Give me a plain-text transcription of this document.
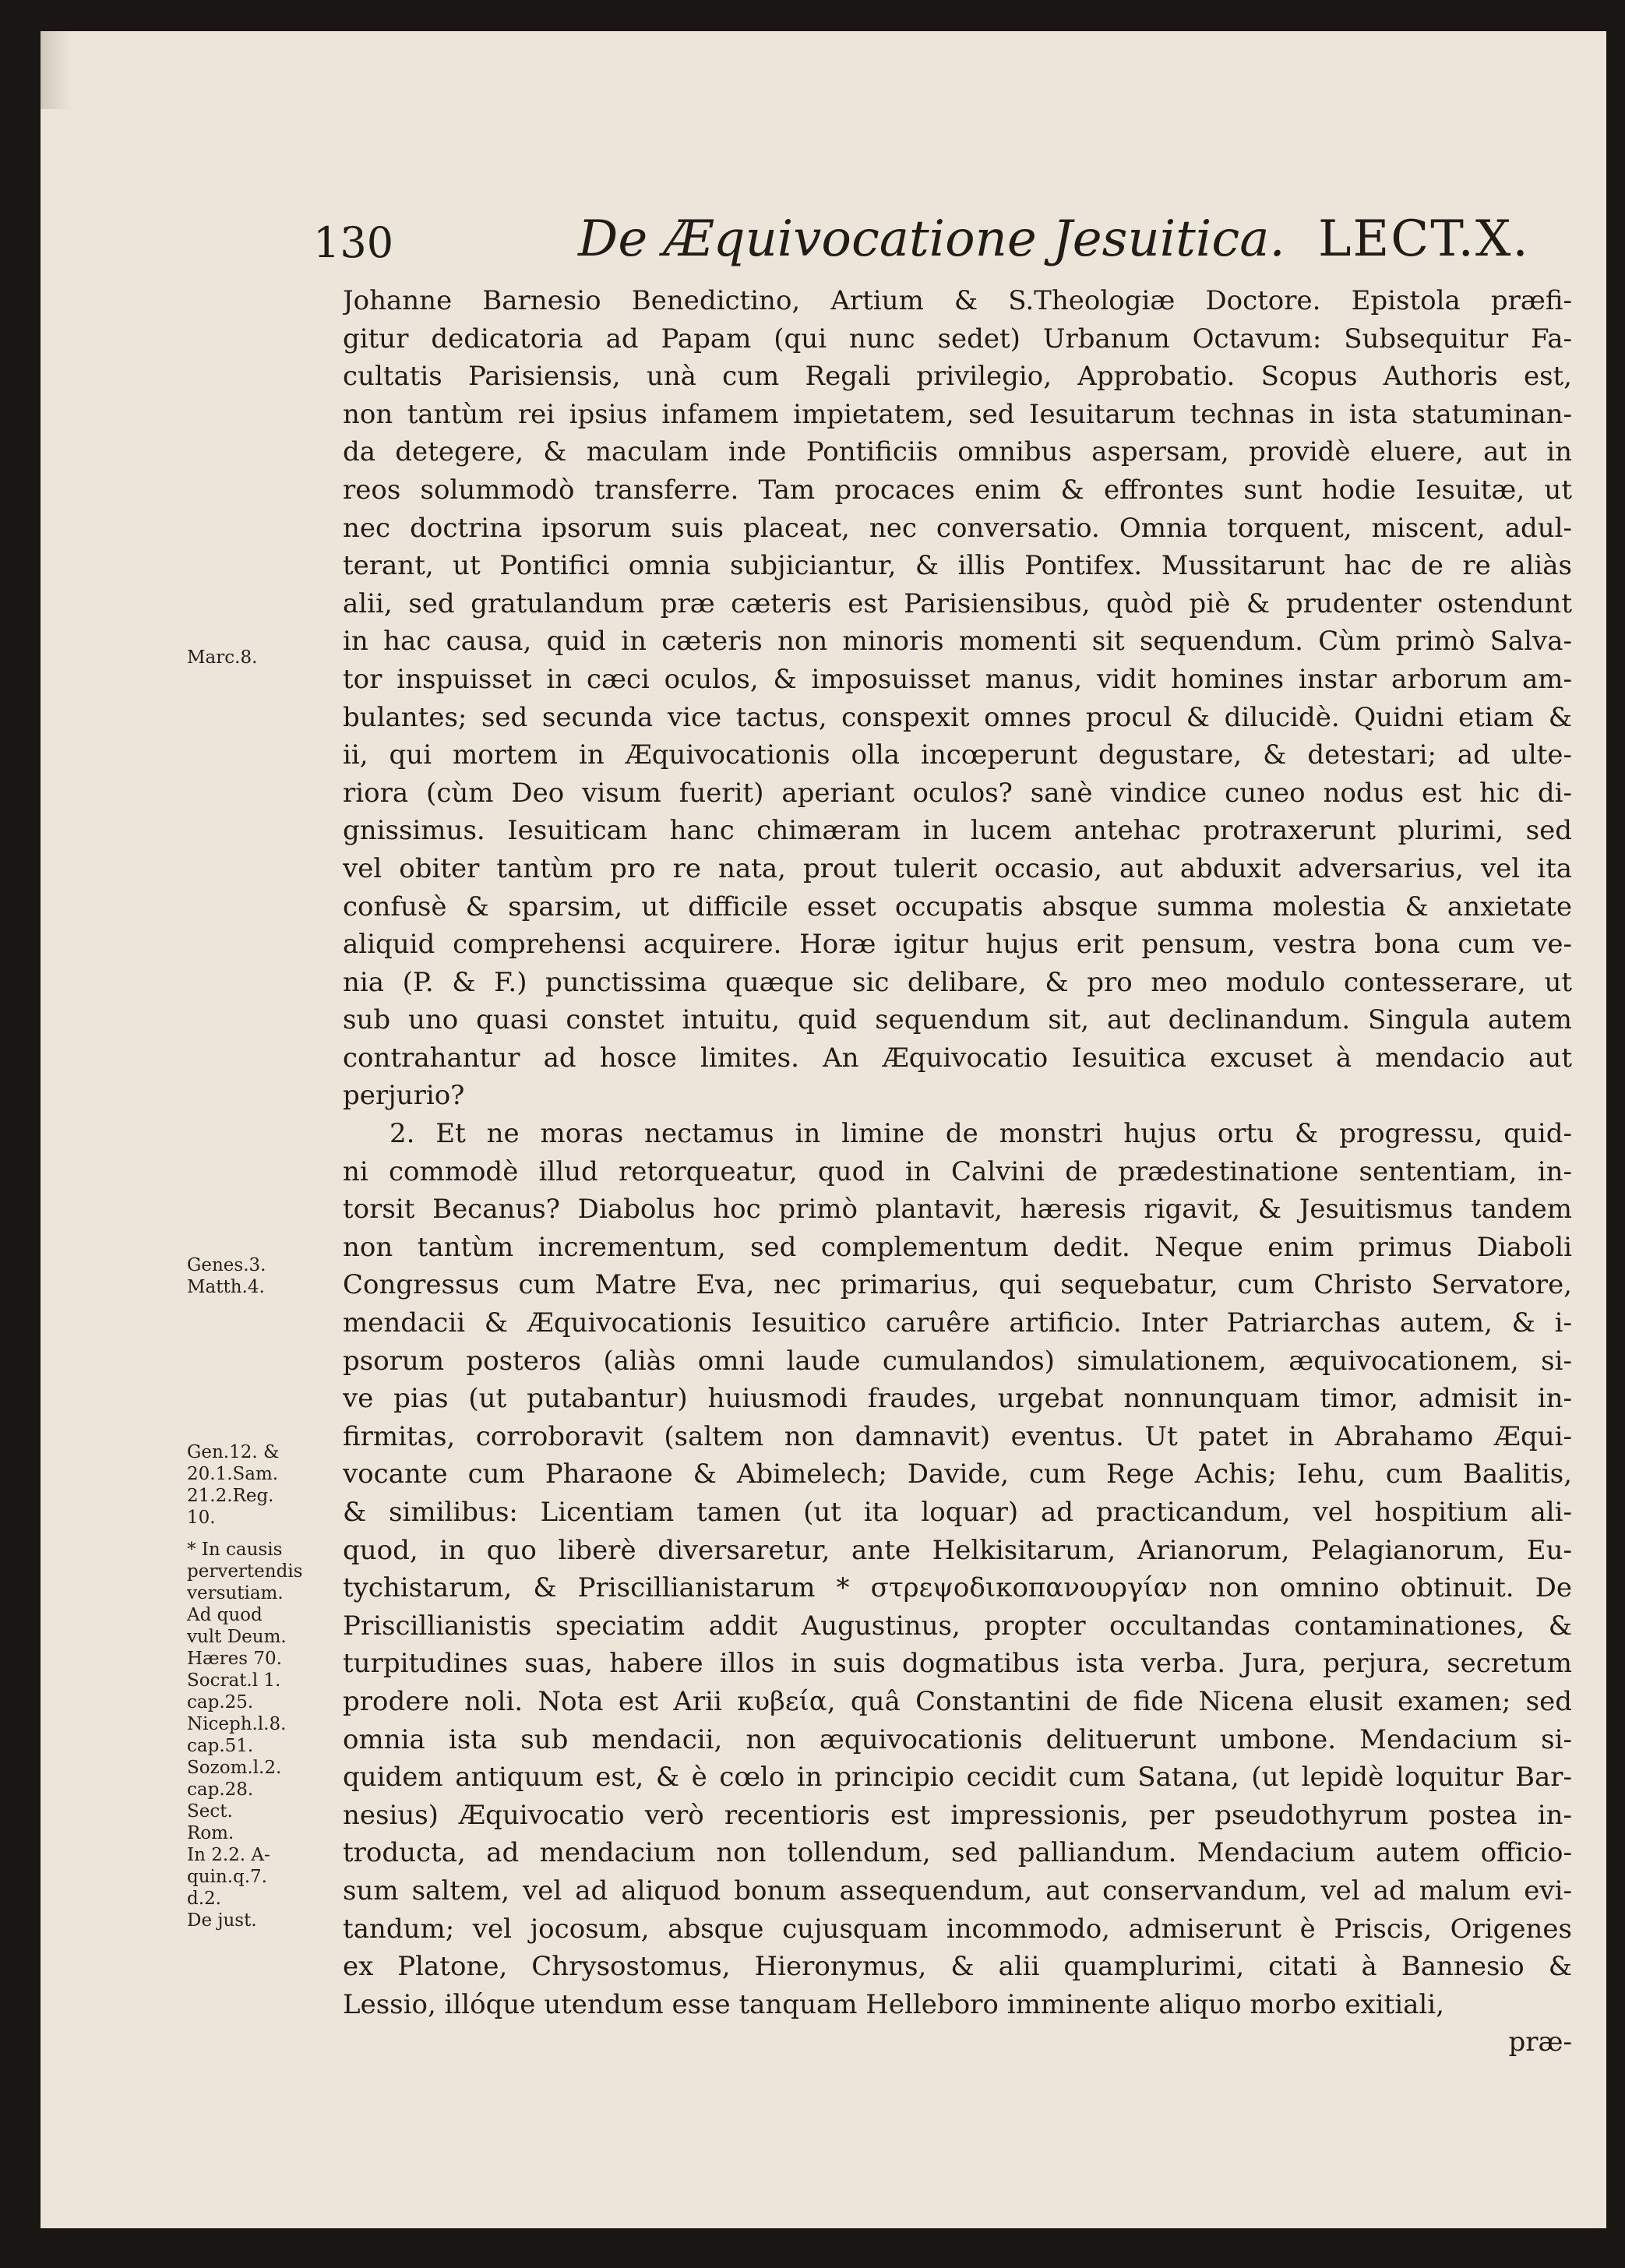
130	De Æquivocatione Jesuitica. LECT.X.
Johanne Barnesio Benedictino, Artium & S.Theologiæ Doctore. Epistola præfi-
gitur dedicatoria ad Papam (qui nunc sedet) Urbanum Octavum: Subsequitur Fa-
cultatis Parisiensis, unà cum Regali privilegio, Approbatio. Scopus Authoris est,
non tantùm rei ipsius infamem impietatem, sed Iesuitarum technas in ista statuminan-
da detegere, & maculam inde Pontificiis omnibus aspersam, providè eluere, aut in
reos solummodò transferre. Tam procaces enim & effrontes sunt hodie Iesuitæ, ut
nec doctrina ipsorum suis placeat, nec conversatio. Omnia torquent, miscent, adul-
terant, ut Pontifici omnia subjiciantur, & illis Pontifex. Mussitarunt hac de re aliàs
alii, sed gratulandum præ cæteris est Parisiensibus, quòd piè & prudenter ostendunt
in hac causa, quid in cæteris non minoris momenti sit sequendum. Cùm primò Salva-
tor inspuisset in cæci oculos, & imposuisset manus, vidit homines instar arborum am-
bulantes; sed secunda vice tactus, conspexit omnes procul & dilucidè. Quidni etiam &
ii, qui mortem in Æquivocationis olla incœperunt degustare, & detestari; ad ulte-
riora (cùm Deo visum fuerit) aperiant oculos? sanè vindice cuneo nodus est hic di-
gnissimus. Iesuiticam hanc chimæram in lucem antehac protraxerunt plurimi, sed
vel obiter tantùm pro re nata, prout tulerit occasio, aut abduxit adversarius, vel ita
confusè & sparsim, ut difficile esset occupatis absque summa molestia & anxietate
aliquid comprehensi acquirere. Horæ igitur hujus erit pensum, vestra bona cum ve-
nia (P. & F.) punctissima quæque sic delibare, & pro meo modulo contesserare, ut
sub uno quasi constet intuitu, quid sequendum sit, aut declinandum. Singula autem
contrahantur ad hosce limites. An Æquivocatio Iesuitica excuset à mendacio aut
perjurio?
2. Et ne moras nectamus in limine de monstri hujus ortu & progressu, quid-
ni commodè illud retorqueatur, quod in Calvini de prædestinatione sententiam, in-
torsit Becanus? Diabolus hoc primò plantavit, hæresis rigavit, & Jesuitismus tandem
non tantùm incrementum, sed complementum dedit. Neque enim primus Diaboli
Congressus cum Matre Eva, nec primarius, qui sequebatur, cum Christo Servatore,
mendacii & Æquivocationis Iesuitico caruêre artificio. Inter Patriarchas autem, & i-
psorum posteros (aliàs omni laude cumulandos) simulationem, æquivocationem, si-
ve pias (ut putabantur) huiusmodi fraudes, urgebat nonnunquam timor, admisit in-
firmitas, corroboravit (saltem non damnavit) eventus. Ut patet in Abrahamo Æqui-
vocante cum Pharaone & Abimelech; Davide, cum Rege Achis; Iehu, cum Baalitis,
& similibus: Licentiam tamen (ut ita loquar) ad practicandum, vel hospitium ali-
quod, in quo liberè diversaretur, ante Helkisitarum, Arianorum, Pelagianorum, Eu-
tychistarum, & Priscillianistarum * στρεψοδικοπανουργίαν non omnino obtinuit. De
Priscillianistis speciatim addit Augustinus, propter occultandas contaminationes, &
turpitudines suas, habere illos in suis dogmatibus ista verba. Jura, perjura, secretum
prodere noli. Nota est Arii κυβεία, quâ Constantini de fide Nicena elusit examen; sed
omnia ista sub mendacii, non æquivocationis delituerunt umbone. Mendacium si-
quidem antiquum est, & è cœlo in principio cecidit cum Satana, (ut lepidè loquitur Bar-
nesius) Æquivocatio verò recentioris est impressionis, per pseudothyrum postea in-
troducta, ad mendacium non tollendum, sed palliandum. Mendacium autem officio-
sum saltem, vel ad aliquod bonum assequendum, aut conservandum, vel ad malum evi-
tandum; vel jocosum, absque cujusquam incommodo, admiserunt è Priscis, Origenes
ex Platone, Chrysostomus, Hieronymus, & alii quamplurimi, citati à Bannesio &
Lessio, illóque utendum esse tanquam Helleboro imminente aliquo morbo exitiali,
præ-
Marc.8.
Genes.3.
Matth.4.
Gen.12. &
20.1.Sam.
21.2.Reg.
10.
* In causis
pervertendis
versutiam.
Ad quod
vult Deum.
Hæres 70.
Socrat.l 1.
cap.25.
Niceph.l.8.
cap.51.
Sozom.l.2.
cap.28.
Sect.
Rom.
In 2.2. A-
quin.q.7.
d.2.
De just.
